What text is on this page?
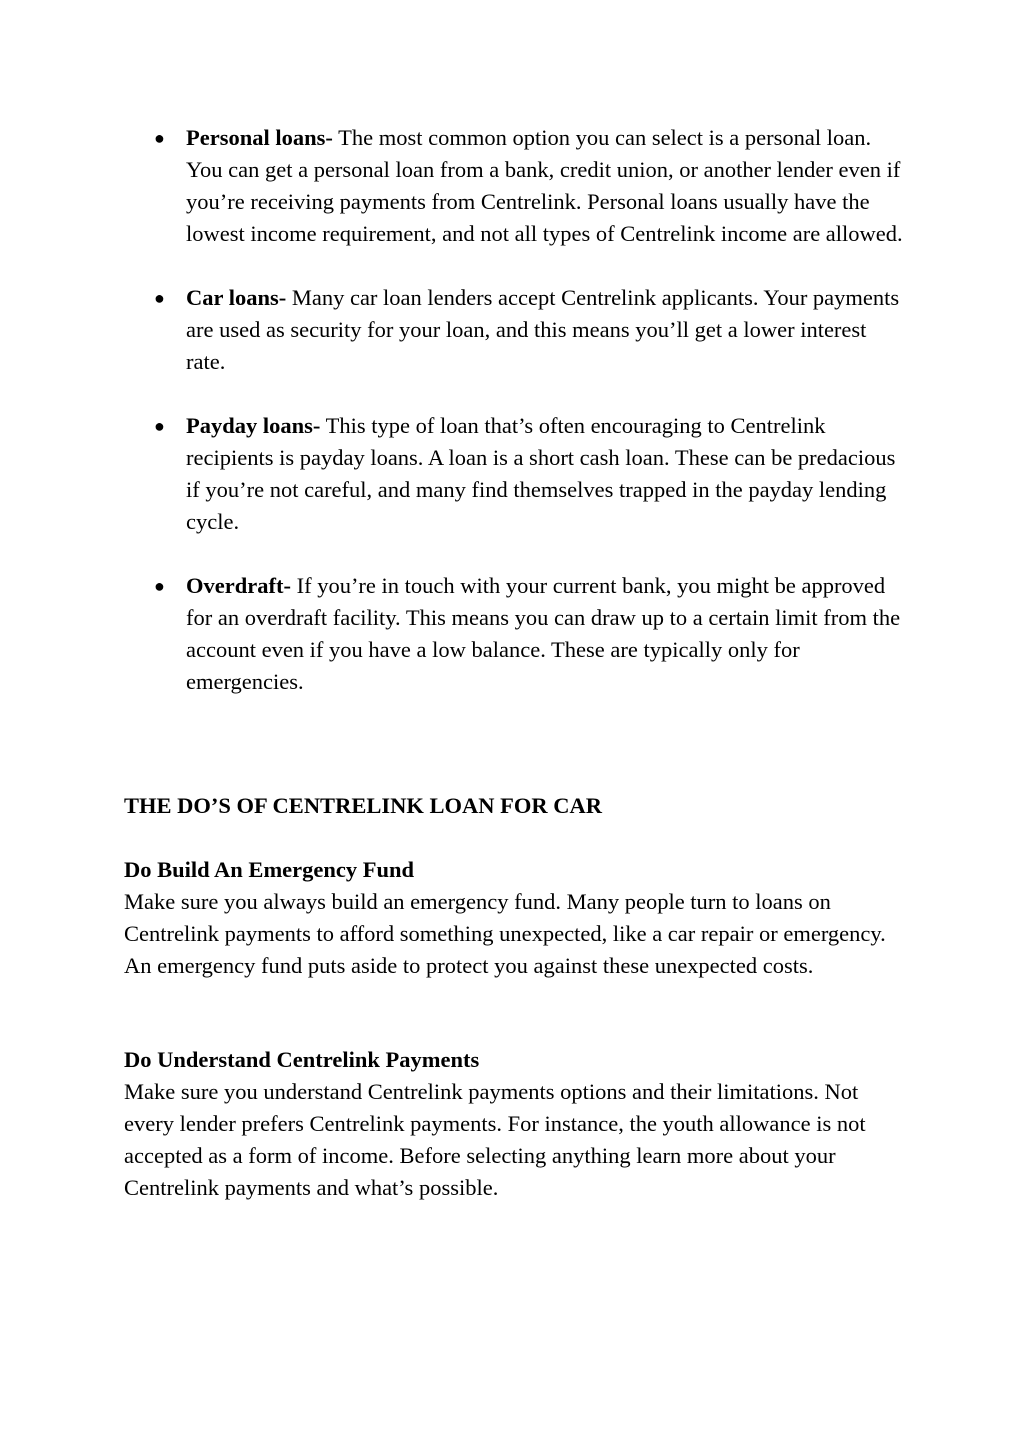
● Personal loans- The most common option you can select is a personal loan. You can get a personal loan from a bank, credit union, or another lender even if you’re receiving payments from Centrelink. Personal loans usually have the lowest income requirement, and not all types of Centrelink income are allowed.
● Car loans- Many car loan lenders accept Centrelink applicants. Your payments are used as security for your loan, and this means you’ll get a lower interest rate.
● Payday loans- This type of loan that’s often encouraging to Centrelink recipients is payday loans. A loan is a short cash loan. These can be predacious if you’re not careful, and many find themselves trapped in the payday lending cycle.
● Overdraft- If you’re in touch with your current bank, you might be approved for an overdraft facility. This means you can draw up to a certain limit from the account even if you have a low balance. These are typically only for emergencies.

THE DO’S OF CENTRELINK LOAN FOR CAR

Do Build An Emergency Fund

Make sure you always build an emergency fund. Many people turn to loans on Centrelink payments to afford something unexpected, like a car repair or emergency. An emergency fund puts aside to protect you against these unexpected costs.

Do Understand Centrelink Payments

Make sure you understand Centrelink payments options and their limitations. Not every lender prefers Centrelink payments. For instance, the youth allowance is not accepted as a form of income. Before selecting anything learn more about your Centrelink payments and what’s possible.
